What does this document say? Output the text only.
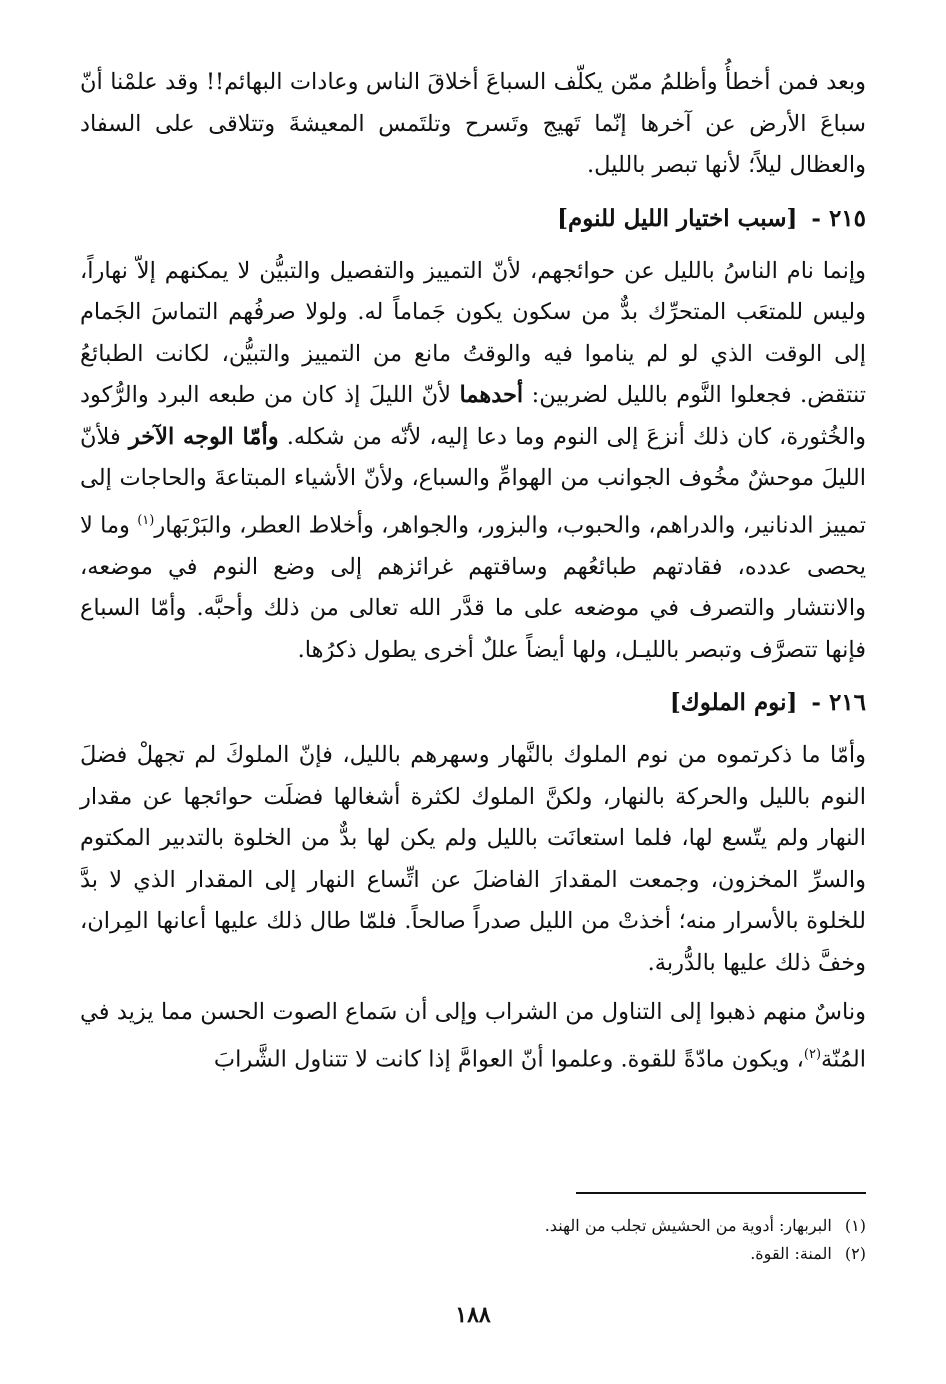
وبعد فمن أخطأُ وأظلمُ ممّن يكلّف السباعَ أخلاقَ الناس وعادات البهائم!! وقد علمْنا أنّ سباعَ الأرض عن آخرها إنّما تَهيج وتَسرح وتلتَمس المعيشةَ وتتلاقى على السفاد والعظال ليلاً؛ لأنها تبصر بالليل.

٢١٥ - [سبب اختيار الليل للنوم]

وإنما نام الناسُ بالليل عن حوائجهم، لأنّ التمييز والتفصيل والتبيُّن لا يمكنهم إلاّ نهاراً، وليس للمتعَب المتحرِّك بدٌّ من سكون يكون جَماماً له. ولولا صرفُهم التماسَ الجَمام إلى الوقت الذي لو لم يناموا فيه والوقتُ مانع من التمييز والتبيُّن، لكانت الطبائعُ تنتقض. فجعلوا النَّوم بالليل لضربين: أحدهما لأنّ الليلَ إذ كان من طبعه البرد والرُّكود والخُثورة، كان ذلك أنزعَ إلى النوم وما دعا إليه، لأنّه من شكله. وأمّا الوجه الآخر فلأنّ الليلَ موحشٌ مخُوف الجوانب من الهوامِّ والسباع، ولأنّ الأشياء المبتاعةَ والحاجات إلى تمييز الدنانير، والدراهم، والحبوب، والبزور، والجواهر، وأخلاط العطر، والبَرْبَهار$^{(١)}$ وما لا يحصى عدده، فقادتهم طبائعُهم وساقتهم غرائزهم إلى وضع النوم في موضعه، والانتشار والتصرف في موضعه على ما قدَّر الله تعالى من ذلك وأحبَّه. وأمّا السباع فإنها تتصرَّف وتبصر بالليـل، ولها أيضاً عللٌ أخرى يطول ذكرُها.

٢١٦ - [نوم الملوك]

وأمّا ما ذكرتموه من نوم الملوك بالنَّهار وسهرهم بالليل، فإنّ الملوكَ لم تجهلْ فضلَ النوم بالليل والحركة بالنهار، ولكنَّ الملوك لكثرة أشغالها فضلَت حوائجها عن مقدار النهار ولم يتّسع لها، فلما استعانَت بالليل ولم يكن لها بدٌّ من الخلوة بالتدبير المكتوم والسرِّ المخزون، وجمعت المقدارَ الفاضلَ عن اتِّساع النهار إلى المقدار الذي لا بدَّ للخلوة بالأسرار منه؛ أخذتْ من الليل صدراً صالحاً. فلمّا طال ذلك عليها أعانها المِران، وخفَّ ذلك عليها بالدُّربة.

وناسٌ منهم ذهبوا إلى التناول من الشراب وإلى أن سَماع الصوت الحسن مما يزيد في المُنّة$^{(٢)}$، ويكون مادّةً للقوة. وعلموا أنّ العوامَّ إذا كانت لا تتناول الشَّرابَ

(١) البربهار: أدوية من الحشيش تجلب من الهند.
(٢) المنة: القوة.
١٨٨
